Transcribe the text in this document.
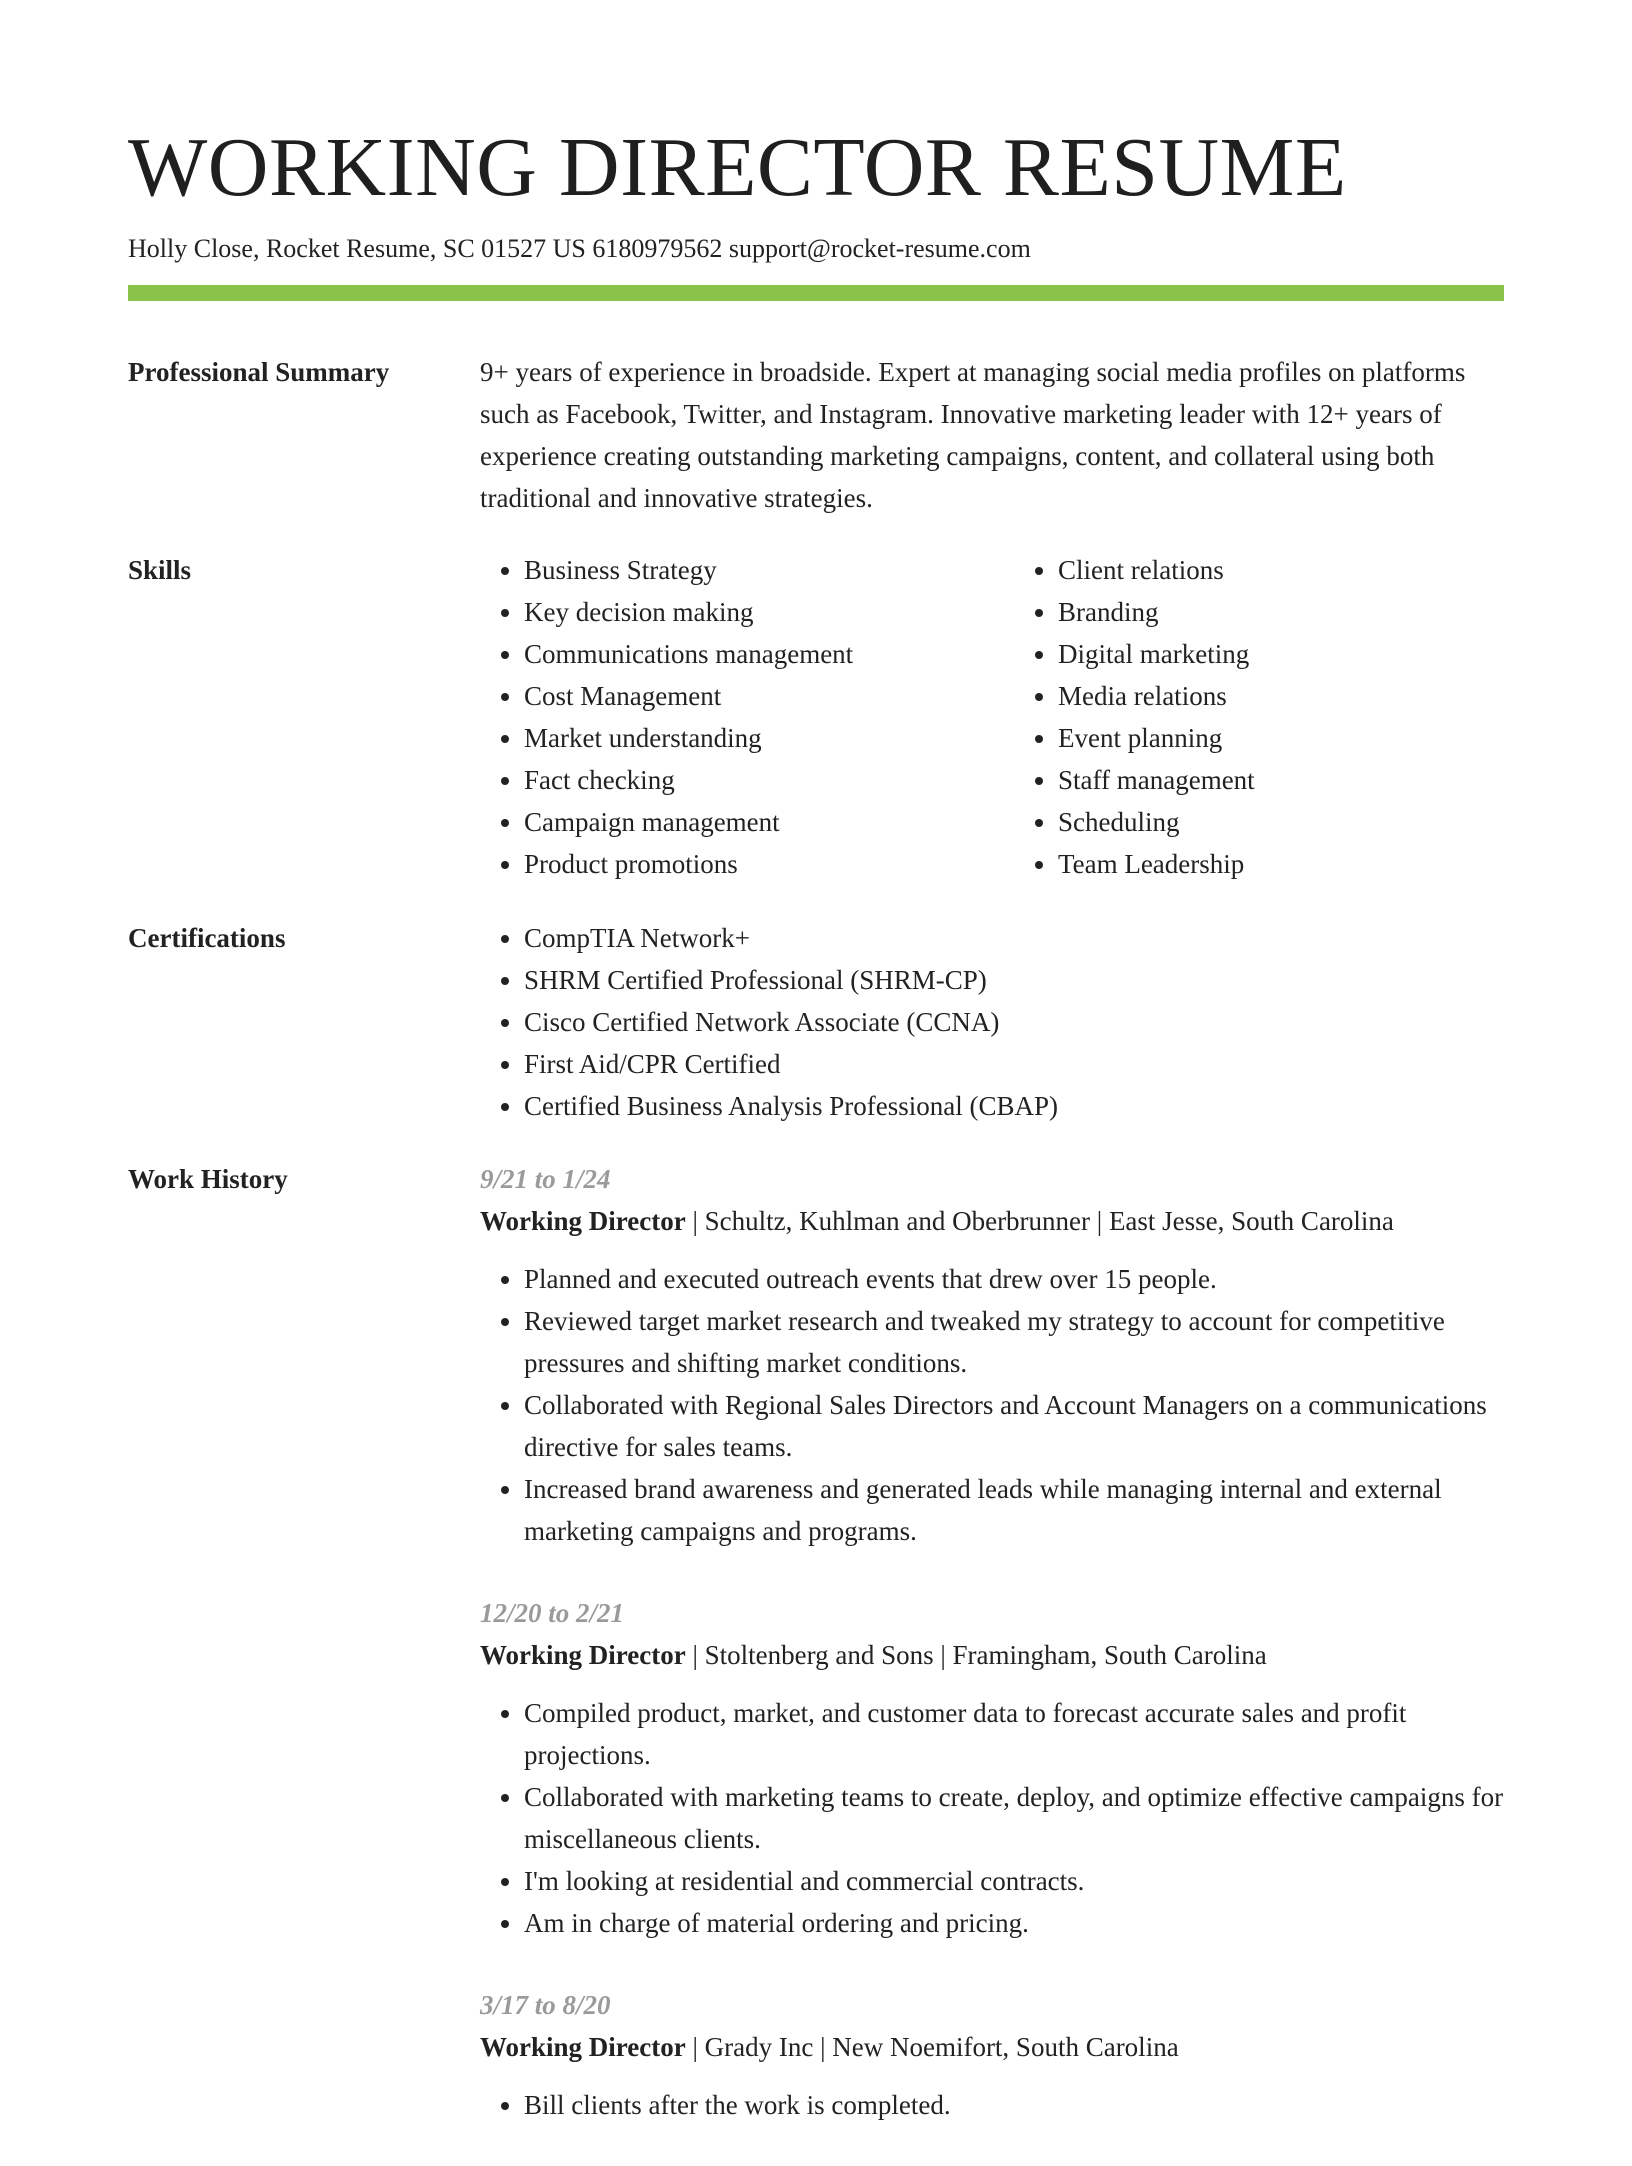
WORKING DIRECTOR RESUME
Holly Close, Rocket Resume, SC 01527 US 6180979562 support@rocket-resume.com
Professional Summary	9+ years of experience in broadside. Expert at managing social media profiles on platforms such as Facebook, Twitter, and Instagram. Innovative marketing leader with 12+ years of experience creating outstanding marketing campaigns, content, and collateral using both traditional and innovative strategies.

Skills	• Business Strategy
• Key decision making
• Communications management
• Cost Management
• Market understanding
• Fact checking
• Campaign management
• Product promotions
• Client relations
• Branding
• Digital marketing
• Media relations
• Event planning
• Staff management
• Scheduling
• Team Leadership
Certifications	• CompTIA Network+
• SHRM Certified Professional (SHRM-CP)
• Cisco Certified Network Associate (CCNA)
• First Aid/CPR Certified
• Certified Business Analysis Professional (CBAP)
Work History	9/21 to 1/24
Working Director | Schultz, Kuhlman and Oberbrunner | East Jesse, South Carolina
• Planned and executed outreach events that drew over 15 people.
• Reviewed target market research and tweaked my strategy to account for competitive pressures and shifting market conditions.
• Collaborated with Regional Sales Directors and Account Managers on a communications directive for sales teams.
• Increased brand awareness and generated leads while managing internal and external marketing campaigns and programs.
12/20 to 2/21
Working Director | Stoltenberg and Sons | Framingham, South Carolina
• Compiled product, market, and customer data to forecast accurate sales and profit projections.
• Collaborated with marketing teams to create, deploy, and optimize effective campaigns for miscellaneous clients.
• I'm looking at residential and commercial contracts.
• Am in charge of material ordering and pricing.
3/17 to 8/20
Working Director | Grady Inc | New Noemifort, South Carolina
• Bill clients after the work is completed.
